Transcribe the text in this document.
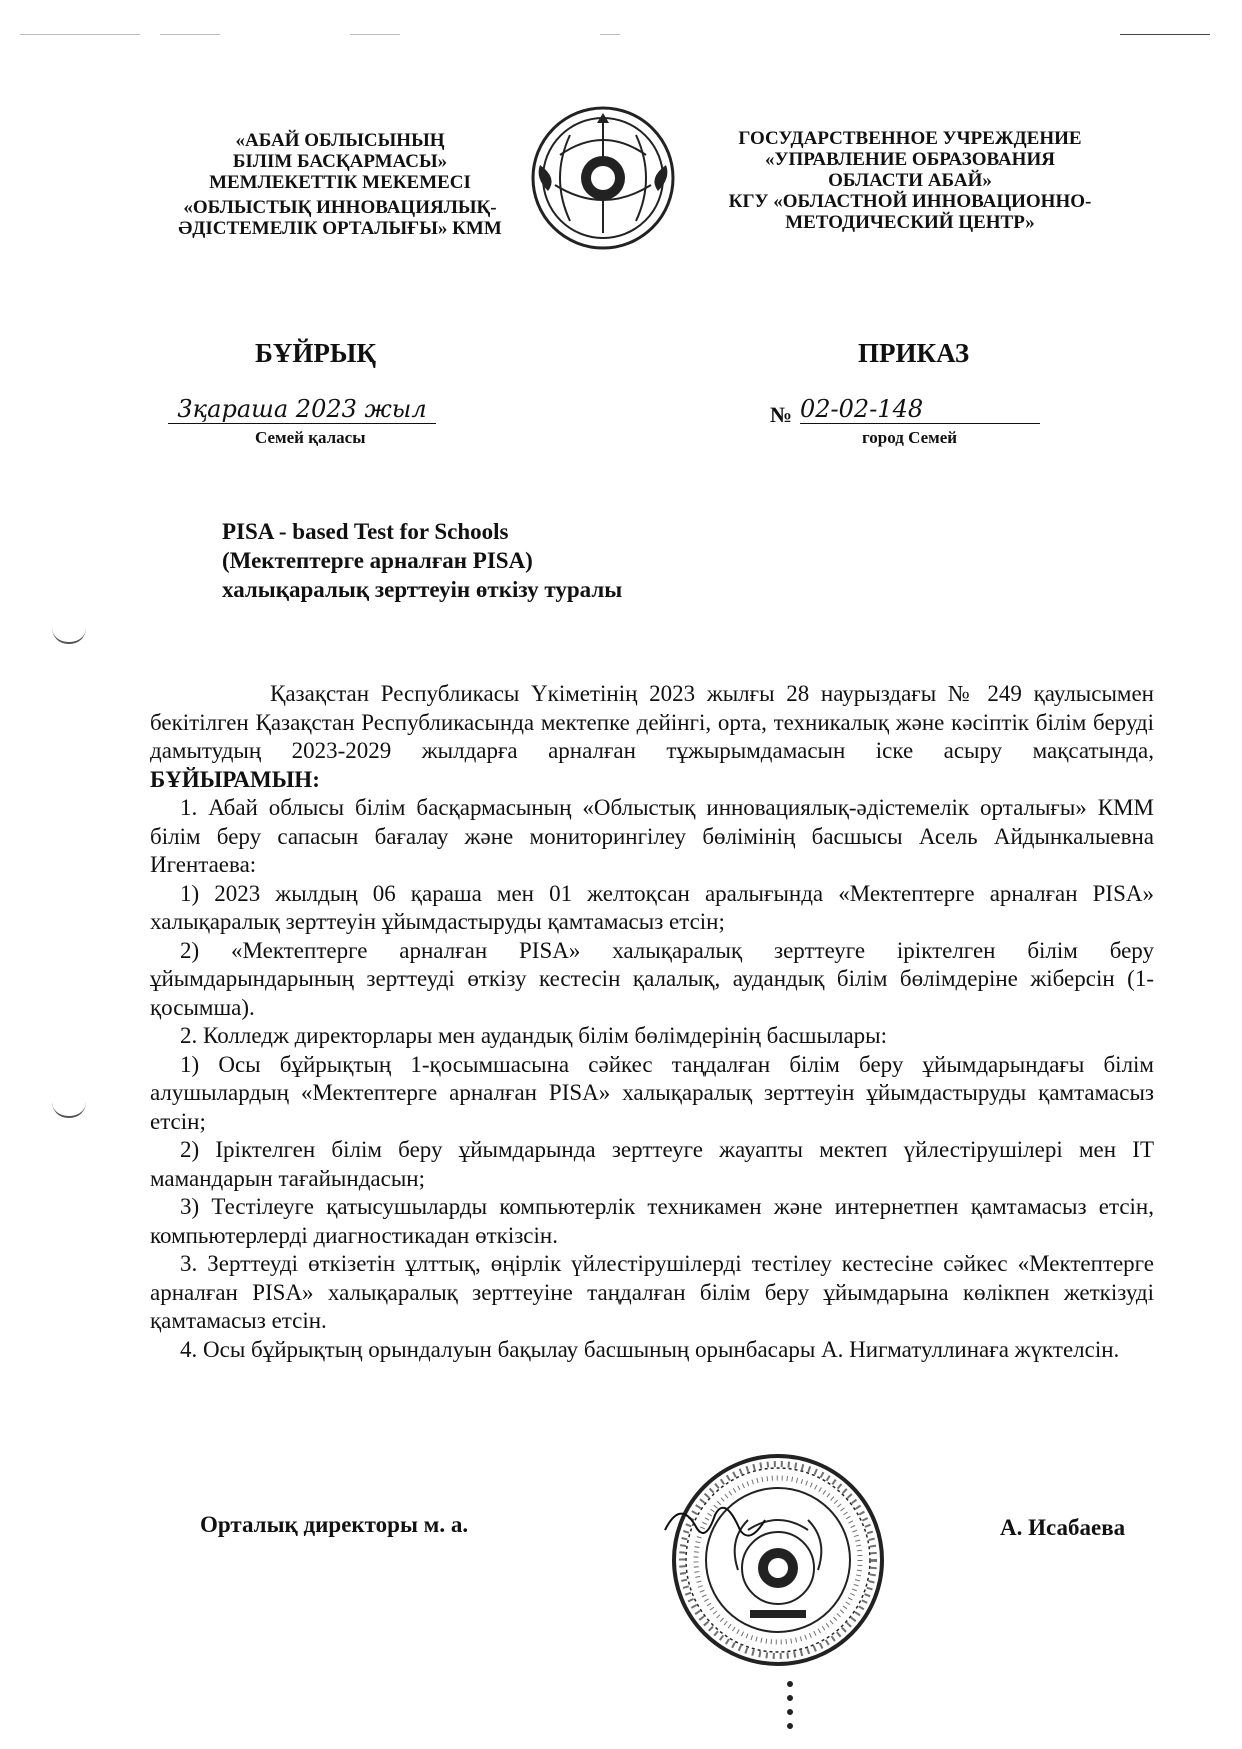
«АБАЙ ОБЛЫСЫНЫҢ
БІЛІМ БАСҚАРМАСЫ»
МЕМЛЕКЕТТІК МЕКЕМЕСІ
«ОБЛЫСТЫҚ ИННОВАЦИЯЛЫҚ-
ӘДІСТЕМЕЛІК ОРТАЛЫҒЫ» КММ
ГОСУДАРСТВЕННОЕ УЧРЕЖДЕНИЕ
«УПРАВЛЕНИЕ ОБРАЗОВАНИЯ
ОБЛАСТИ АБАЙ»
КГУ «ОБЛАСТНОЙ ИННОВАЦИОННО-
МЕТОДИЧЕСКИЙ ЦЕНТР»
БҰЙРЫҚ	ПРИКАЗ
3қараша 2023 жыл
Семей қаласы
№ 02-02-148
город Семей
PISA - based Test for Schools
(Мектептерге арналған PISA)
халықаралық зерттеуін өткізу туралы

Қазақстан Республикасы Үкіметінің 2023 жылғы 28 наурыздағы № 249 қаулысымен бекітілген Қазақстан Республикасында мектепке дейінгі, орта, техникалық және кәсіптік білім беруді дамытудың 2023-2029 жылдарға арналған тұжырымдамасын іске асыру мақсатында, БҰЙЫРАМЫН:

1. Абай облысы білім басқармасының «Облыстық инновациялық-әдістемелік орталығы» КММ білім беру сапасын бағалау және мониторингілеу бөлімінің басшысы Асель Айдынкалыевна Игентаева:

1) 2023 жылдың 06 қараша мен 01 желтоқсан аралығында «Мектептерге арналған PISA» халықаралық зерттеуін ұйымдастыруды қамтамасыз етсін;

2) «Мектептерге арналған PISA» халықаралық зерттеуге іріктелген білім беру ұйымдарындарының зерттеуді өткізу кестесін қалалық, аудандық білім бөлімдеріне жіберсін (1-қосымша).

2. Колледж директорлары мен аудандық білім бөлімдерінің басшылары:

1) Осы бұйрықтың 1-қосымшасына сәйкес таңдалған білім беру ұйымдарындағы білім алушылардың «Мектептерге арналған PISA» халықаралық зерттеуін ұйымдастыруды қамтамасыз етсін;

2) Іріктелген білім беру ұйымдарында зерттеуге жауапты мектеп үйлестірушілері мен IT мамандарын тағайындасын;

3) Тестілеуге қатысушыларды компьютерлік техникамен және интернетпен қамтамасыз етсін, компьютерлерді диагностикадан өткізсін.

3. Зерттеуді өткізетін ұлттық, өңірлік үйлестірушілерді тестілеу кестесіне сәйкес «Мектептерге арналған PISA» халықаралық зерттеуіне таңдалған білім беру ұйымдарына көлікпен жеткізуді қамтамасыз етсін.

4. Осы бұйрықтың орындалуын бақылау басшының орынбасары А. Нигматуллинаға жүктелсін.

Орталық директоры м. а.	А. Исабаева
